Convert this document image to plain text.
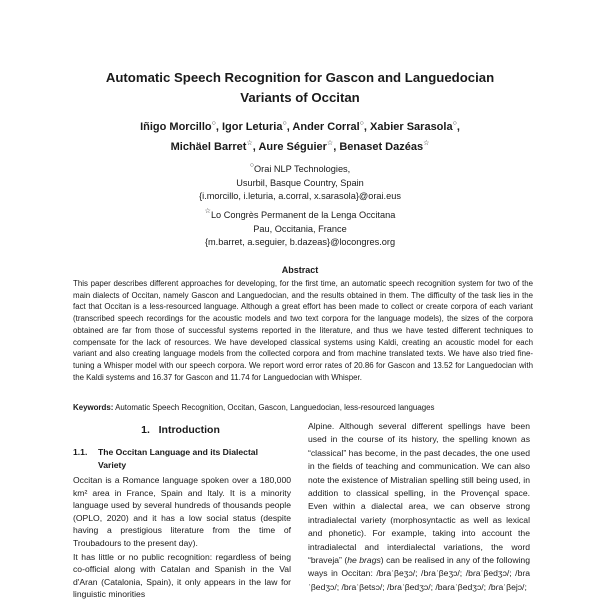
Automatic Speech Recognition for Gascon and Languedocian
Variants of Occitan
Iñigo Morcillo○, Igor Leturia○, Ander Corral○, Xabier Sarasola○,
Michäel Barret☆, Aure Séguier☆, Benaset Dazéas☆
○Orai NLP Technologies,
Usurbil, Basque Country, Spain
{i.morcillo, i.leturia, a.corral, x.sarasola}@orai.eus
☆Lo Congrès Permanent de la Lenga Occitana
Pau, Occitania, France
{m.barret, a.seguier, b.dazeas}@locongres.org
Abstract
This paper describes different approaches for developing, for the first time, an automatic speech recognition system for two of the main dialects of Occitan, namely Gascon and Languedocian, and the results obtained in them. The difficulty of the task lies in the fact that Occitan is a less-resourced language. Although a great effort has been made to collect or create corpora of each variant (transcribed speech recordings for the acoustic models and two text corpora for the language models), the sizes of the corpora obtained are far from those of successful systems reported in the literature, and thus we have tested different techniques to compensate for the lack of resources. We have developed classical systems using Kaldi, creating an acoustic model for each variant and also creating language models from the collected corpora and from machine translated texts. We have also tried fine-tuning a Whisper model with our speech corpora. We report word error rates of 20.86 for Gascon and 13.52 for Languedocian with the Kaldi systems and 16.37 for Gascon and 11.74 for Languedocian with Whisper.
Keywords: Automatic Speech Recognition, Occitan, Gascon, Languedocian, less-resourced languages
1. Introduction
1.1.	The Occitan Language and its Dialectal Variety

Occitan is a Romance language spoken over a 180,000 km² area in France, Spain and Italy. It is a minority language used by several hundreds of thousands people (OPLO, 2020) and it has a low social status (despite having a prestigious literature from the time of Troubadours to the present day).

It has little or no public recognition: regardless of being co-official along with Catalan and Spanish in the Val d'Aran (Catalonia, Spain), it only appears in the law for linguistic minorities

Alpine. Although several different spellings have been used in the course of its history, the spelling known as “classical” has become, in the past decades, the one used in the fields of teaching and communication. We can also note the existence of Mistralian spelling still being used, in addition to classical spelling, in the Provençal space. Even within a dialectal area, we can observe strong intradialectal variety (morphosyntactic as well as lexical and phonetic). For example, taking into account the intradialectal and interdialectal variations, the word “braveja” (he brags) can be realised in any of the following ways in Occitan: /bɾaˈβeʒɔ/; /bɾaˈβeʒɔ/; /bɾaˈβedʒɔ/; /bɾaˈβedʒɔ/; /bɾaˈβetsɔ/; /bɾaˈβedʒɔ/; /baɾaˈβedʒɔ/; /bɾaˈβejɔ/;
